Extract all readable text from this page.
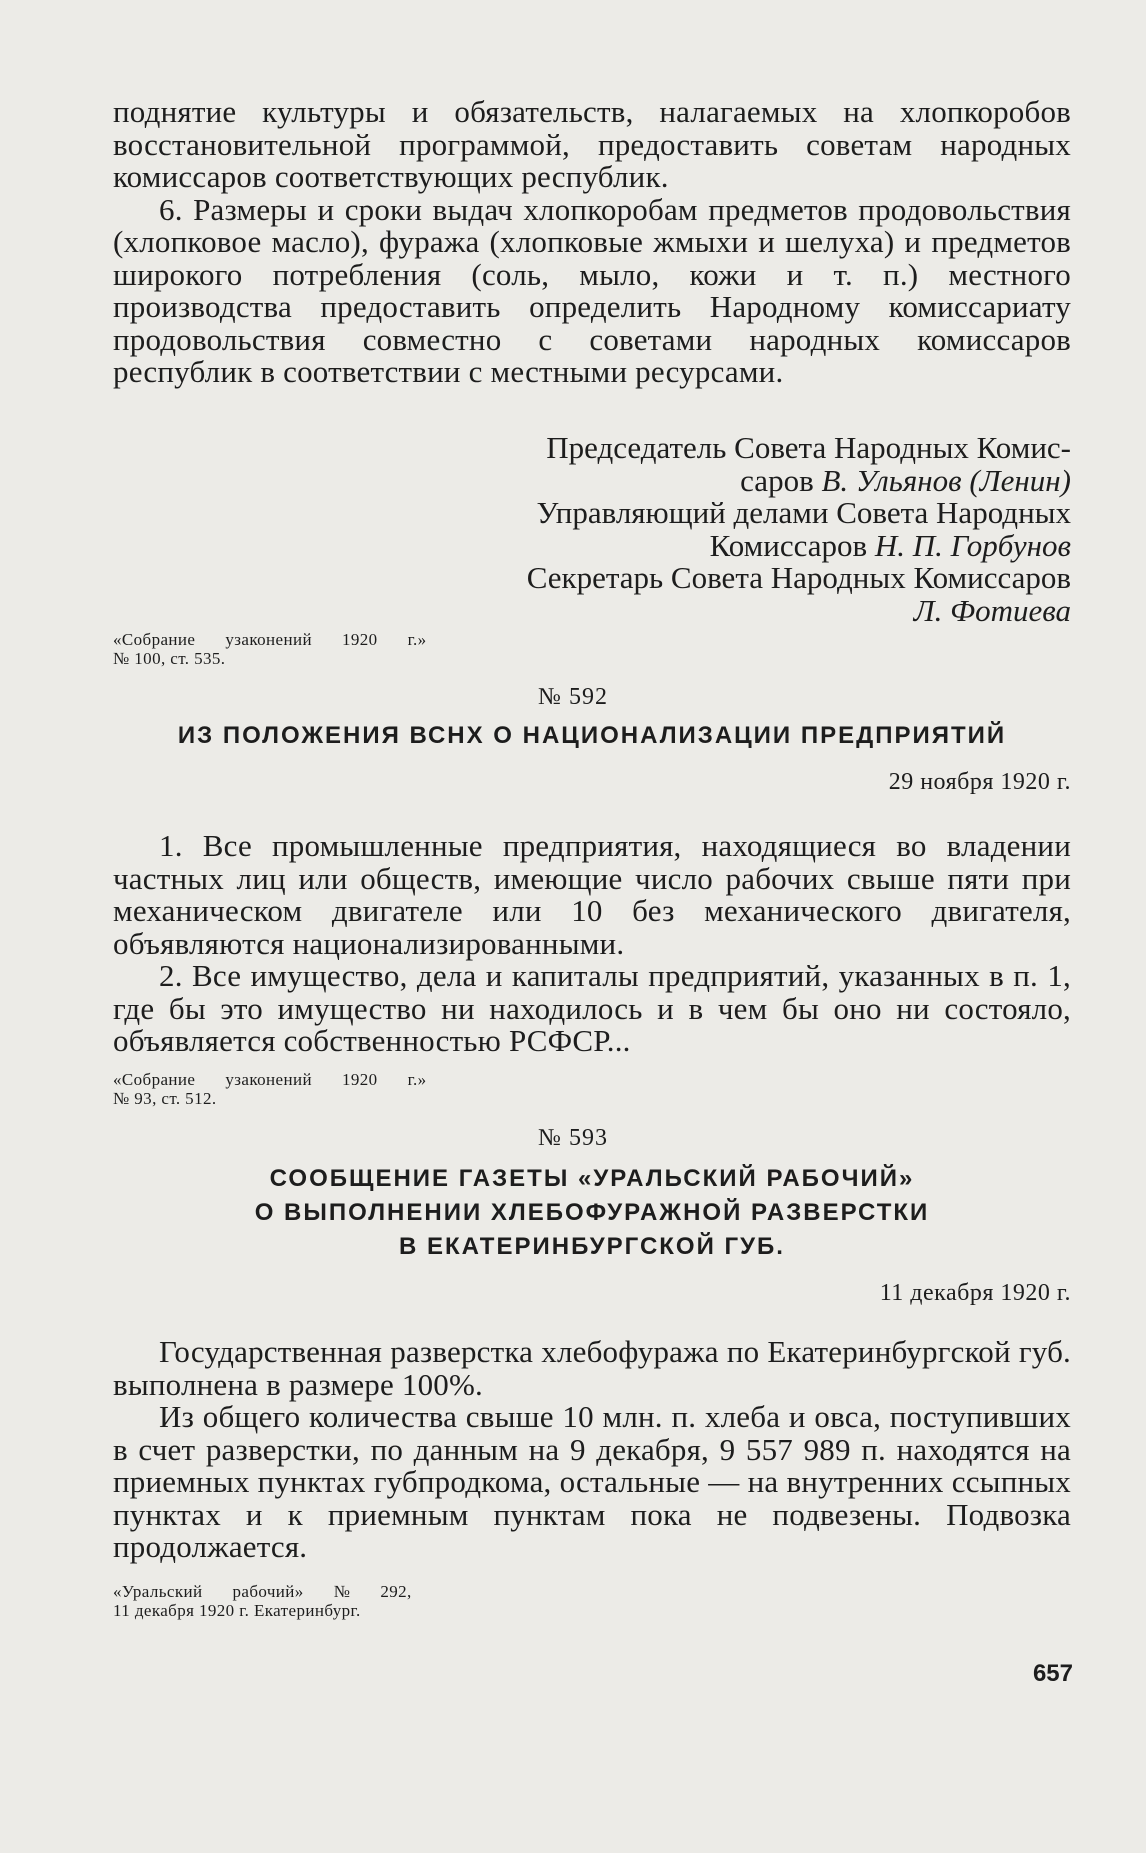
поднятие культуры и обязательств, налагаемых на хлопкоробов восстановительной программой, предоставить советам народных комиссаров соответствующих республик.

6. Размеры и сроки выдач хлопкоробам предметов продовольствия (хлопковое масло), фуража (хлопковые жмыхи и шелуха) и предметов широкого потребления (соль, мыло, кожи и т. п.) местного производства предоставить определить Народному комиссариату продовольствия совместно с советами народных комиссаров республик в соответствии с местными ресурсами.

Председатель Совета Народных Комис-
саров В. Ульянов (Ленин)
Управляющий делами Совета Народных
Комиссаров Н. П. Горбунов
Секретарь Совета Народных Комиссаров
Л. Фотиева
«Собрание узаконений 1920 г.»
№ 100, ст. 535.
№ 592
ИЗ ПОЛОЖЕНИЯ ВСНХ О НАЦИОНАЛИЗАЦИИ ПРЕДПРИЯТИЙ
29 ноября 1920 г.

1. Все промышленные предприятия, находящиеся во владении частных лиц или обществ, имеющие число рабочих свыше пяти при механическом двигателе или 10 без механического двигателя, объявляются национализированными.

2. Все имущество, дела и капиталы предприятий, указанных в п. 1, где бы это имущество ни находилось и в чем бы оно ни состояло, объявляется собственностью РСФСР...

«Собрание узаконений 1920 г.»
№ 93, ст. 512.
№ 593
СООБЩЕНИЕ ГАЗЕТЫ «УРАЛЬСКИЙ РАБОЧИЙ»
О ВЫПОЛНЕНИИ ХЛЕБОФУРАЖНОЙ РАЗВЕРСТКИ
В ЕКАТЕРИНБУРГСКОЙ ГУБ.
11 декабря 1920 г.

Государственная разверстка хлебофуража по Екатеринбургской губ. выполнена в размере 100%.

Из общего количества свыше 10 млн. п. хлеба и овса, поступивших в счет разверстки, по данным на 9 декабря, 9 557 989 п. находятся на приемных пунктах губпродкома, остальные — на внутренних ссыпных пунктах и к приемным пунктам пока не подвезены. Подвозка продолжается.

«Уральский рабочий» № 292,
11 декабря 1920 г. Екатеринбург.
657
